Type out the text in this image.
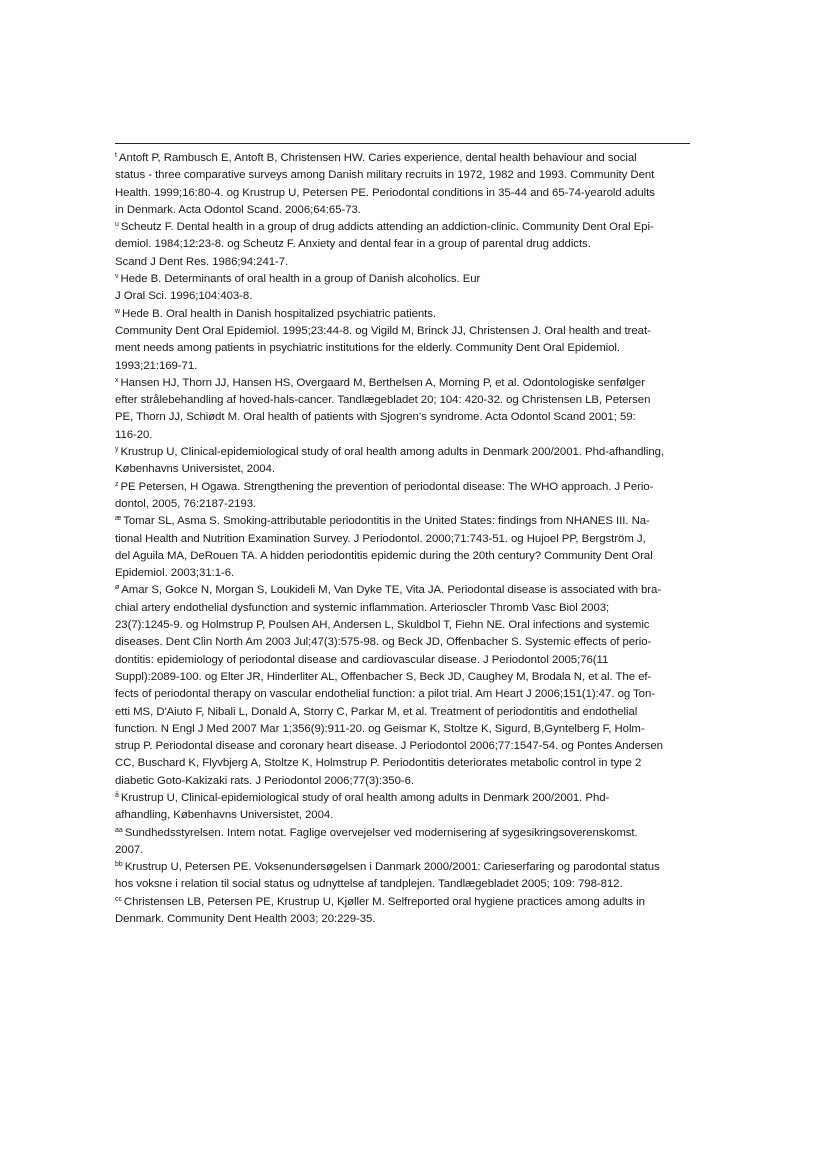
$^t$ Antoft P, Rambusch E, Antoft B, Christensen HW. Caries experience, dental health behaviour and social
status - three comparative surveys among Danish military recruits in 1972, 1982 and 1993. Community Dent
Health. 1999;16:80-4. og Krustrup U, Petersen PE. Periodontal conditions in 35-44 and 65-74-yearold adults
in Denmark. Acta Odontol Scand. 2006;64:65-73.

$^u$ Scheutz F. Dental health in a group of drug addicts attending an addiction-clinic. Community Dent Oral Epi-
demiol. 1984;12:23-8. og Scheutz F. Anxiety and dental fear in a group of parental drug addicts.
Scand J Dent Res. 1986;94:241-7.

$^v$ Hede B. Determinants of oral health in a group of Danish alcoholics. Eur
J Oral Sci. 1996;104:403-8.

$^w$ Hede B. Oral health in Danish hospitalized psychiatric patients.
Community Dent Oral Epidemiol. 1995;23:44-8. og Vigild M, Brinck JJ, Christensen J. Oral health and treat-
ment needs among patients in psychiatric institutions for the elderly. Community Dent Oral Epidemiol.
1993;21:169-71.

$^x$ Hansen HJ, Thorn JJ, Hansen HS, Overgaard M, Berthelsen A, Morning P, et al. Odontologiske senfølger
efter strålebehandling af hoved-hals-cancer. Tandlægebladet 20; 104: 420-32. og Christensen LB, Petersen
PE, Thorn JJ, Schiødt M. Oral health of patients with Sjogren’s syndrome. Acta Odontol Scand 2001; 59:
116-20.

$^y$ Krustrup U, Clinical-epidemiological study of oral health among adults in Denmark 200/2001. Phd-afhandling,
Københavns Universistet, 2004.

$^z$ PE Petersen, H Ogawa. Strengthening the prevention of periodontal disease: The WHO approach. J Perio-
dontol, 2005, 76:2187-2193.

$^æ$ Tomar SL, Asma S. Smoking-attributable periodontitis in the United States: findings from NHANES III. Na-
tional Health and Nutrition Examination Survey. J Periodontol. 2000;71:743-51. og Hujoel PP, Bergström J,
del Aguila MA, DeRouen TA. A hidden periodontitis epidemic during the 20th century? Community Dent Oral
Epidemiol. 2003;31:1-6.

$^ø$ Amar S, Gokce N, Morgan S, Loukideli M, Van Dyke TE, Vita JA. Periodontal disease is associated with bra-
chial artery endothelial dysfunction and systemic inflammation. Arterioscler Thromb Vasc Biol 2003;
23(7):1245-9. og Holmstrup P, Poulsen AH, Andersen L, Skuldbol T, Fiehn NE. Oral infections and systemic
diseases. Dent Clin North Am 2003 Jul;47(3):575-98. og Beck JD, Offenbacher S. Systemic effects of perio-
dontitis: epidemiology of periodontal disease and cardiovascular disease. J Periodontol 2005;76(11
Suppl):2089-100. og Elter JR, Hinderliter AL, Offenbacher S, Beck JD, Caughey M, Brodala N, et al. The ef-
fects of periodontal therapy on vascular endothelial function: a pilot trial. Am Heart J 2006;151(1):47. og Ton-
etti MS, D'Aiuto F, Nibali L, Donald A, Storry C, Parkar M, et al. Treatment of periodontitis and endothelial
function. N Engl J Med 2007 Mar 1;356(9):911-20. og Geismar K, Stoltze K, Sigurd, B,Gyntelberg F, Holm-
strup P. Periodontal disease and coronary heart disease. J Periodontol 2006;77:1547-54. og Pontes Andersen
CC, Buschard K, Flyvbjerg A, Stoltze K, Holmstrup P. Periodontitis deteriorates metabolic control in type 2
diabetic Goto-Kakizaki rats. J Periodontol 2006;77(3):350-6.

$^å$ Krustrup U, Clinical-epidemiological study of oral health among adults in Denmark 200/2001. Phd-
afhandling, Københavns Universistet, 2004.

$^{aa}$ Sundhedsstyrelsen. Intem notat. Faglige overvejelser ved modernisering af sygesikringsoverenskomst.
2007.

$^{bb}$ Krustrup U, Petersen PE. Voksenundersøgelsen i Danmark 2000/2001: Carieserfaring og parodontal status
hos voksne i relation til social status og udnyttelse af tandplejen. Tandlægebladet 2005; 109: 798-812.

$^{cc}$ Christensen LB, Petersen PE, Krustrup U, Kjøller M. Selfreported oral hygiene practices among adults in
Denmark. Community Dent Health 2003; 20:229-35.
